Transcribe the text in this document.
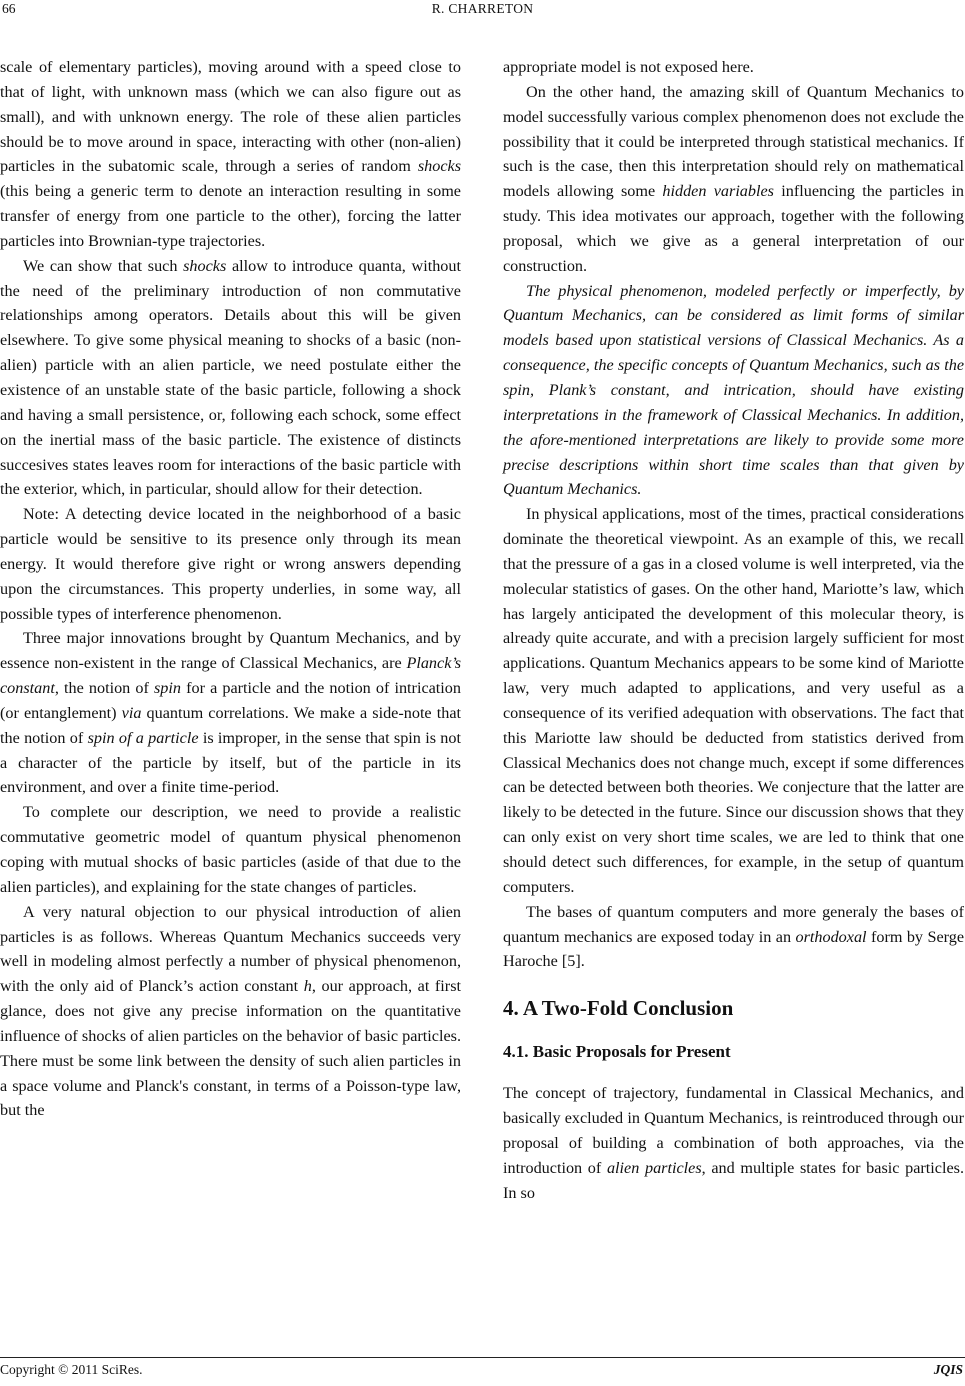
66	R. CHARRETON

scale of elementary particles), moving around with a speed close to that of light, with unknown mass (which we can also figure out as small), and with unknown energy. The role of these alien particles should be to move around in space, interacting with other (non-alien) particles in the subatomic scale, through a series of random shocks (this being a generic term to denote an interaction resulting in some transfer of energy from one particle to the other), forcing the latter particles into Brownian-type trajectories.

We can show that such shocks allow to introduce quanta, without the need of the preliminary introduction of non commutative relationships among operators. Details about this will be given elsewhere. To give some physical meaning to shocks of a basic (non-alien) particle with an alien particle, we need postulate either the existence of an unstable state of the basic particle, following a shock and having a small persistence, or, following each schock, some effect on the inertial mass of the basic particle. The existence of distincts succesives states leaves room for interactions of the basic particle with the exterior, which, in particular, should allow for their detection.

Note: A detecting device located in the neighborhood of a basic particle would be sensitive to its presence only through its mean energy. It would therefore give right or wrong answers depending upon the circumstances. This property underlies, in some way, all possible types of interference phenomenon.

Three major innovations brought by Quantum Mechanics, and by essence non-existent in the range of Classical Mechanics, are Planck’s constant, the notion of spin for a particle and the notion of intrication (or entanglement) via quantum correlations. We make a side-note that the notion of spin of a particle is improper, in the sense that spin is not a character of the particle by itself, but of the particle in its environment, and over a finite time-period.

To complete our description, we need to provide a realistic commutative geometric model of quantum physical phenomenon coping with mutual shocks of basic particles (aside of that due to the alien particles), and explaining for the state changes of particles.

A very natural objection to our physical introduction of alien particles is as follows. Whereas Quantum Mechanics succeeds very well in modeling almost perfectly a number of physical phenomenon, with the only aid of Planck’s action constant h, our approach, at first glance, does not give any precise information on the quantitative influence of shocks of alien particles on the behavior of basic particles. There must be some link between the density of such alien particles in a space volume and Planck's constant, in terms of a Poisson-type law, but the

appropriate model is not exposed here.

On the other hand, the amazing skill of Quantum Mechanics to model successfully various complex phenomenon does not exclude the possibility that it could be interpreted through statistical mechanics. If such is the case, then this interpretation should rely on mathematical models allowing some hidden variables influencing the particles in study. This idea motivates our approach, together with the following proposal, which we give as a general interpretation of our construction.

The physical phenomenon, modeled perfectly or imperfectly, by Quantum Mechanics, can be considered as limit forms of similar models based upon statistical versions of Classical Mechanics. As a consequence, the specific concepts of Quantum Mechanics, such as the spin, Plank’s constant, and intrication, should have existing interpretations in the framework of Classical Mechanics. In addition, the afore-mentioned interpretations are likely to provide some more precise descriptions within short time scales than that given by Quantum Mechanics.

In physical applications, most of the times, practical considerations dominate the theoretical viewpoint. As an example of this, we recall that the pressure of a gas in a closed volume is well interpreted, via the molecular statistics of gases. On the other hand, Mariotte’s law, which has largely anticipated the development of this molecular theory, is already quite accurate, and with a precision largely sufficient for most applications. Quantum Mechanics appears to be some kind of Mariotte law, very much adapted to applications, and very useful as a consequence of its verified adequation with observations. The fact that this Mariotte law should be deducted from statistics derived from Classical Mechanics does not change much, except if some differences can be detected between both theories. We conjecture that the latter are likely to be detected in the future. Since our discussion shows that they can only exist on very short time scales, we are led to think that one should detect such differences, for example, in the setup of quantum computers.

The bases of quantum computers and more generaly the bases of quantum mechanics are exposed today in an orthodoxal form by Serge Haroche [5].

4. A Two-Fold Conclusion
4.1. Basic Proposals for Present

The concept of trajectory, fundamental in Classical Mechanics, and basically excluded in Quantum Mechanics, is reintroduced through our proposal of building a combination of both approaches, via the introduction of alien particles, and multiple states for basic particles. In so

Copyright © 2011 SciRes.	JQIS
